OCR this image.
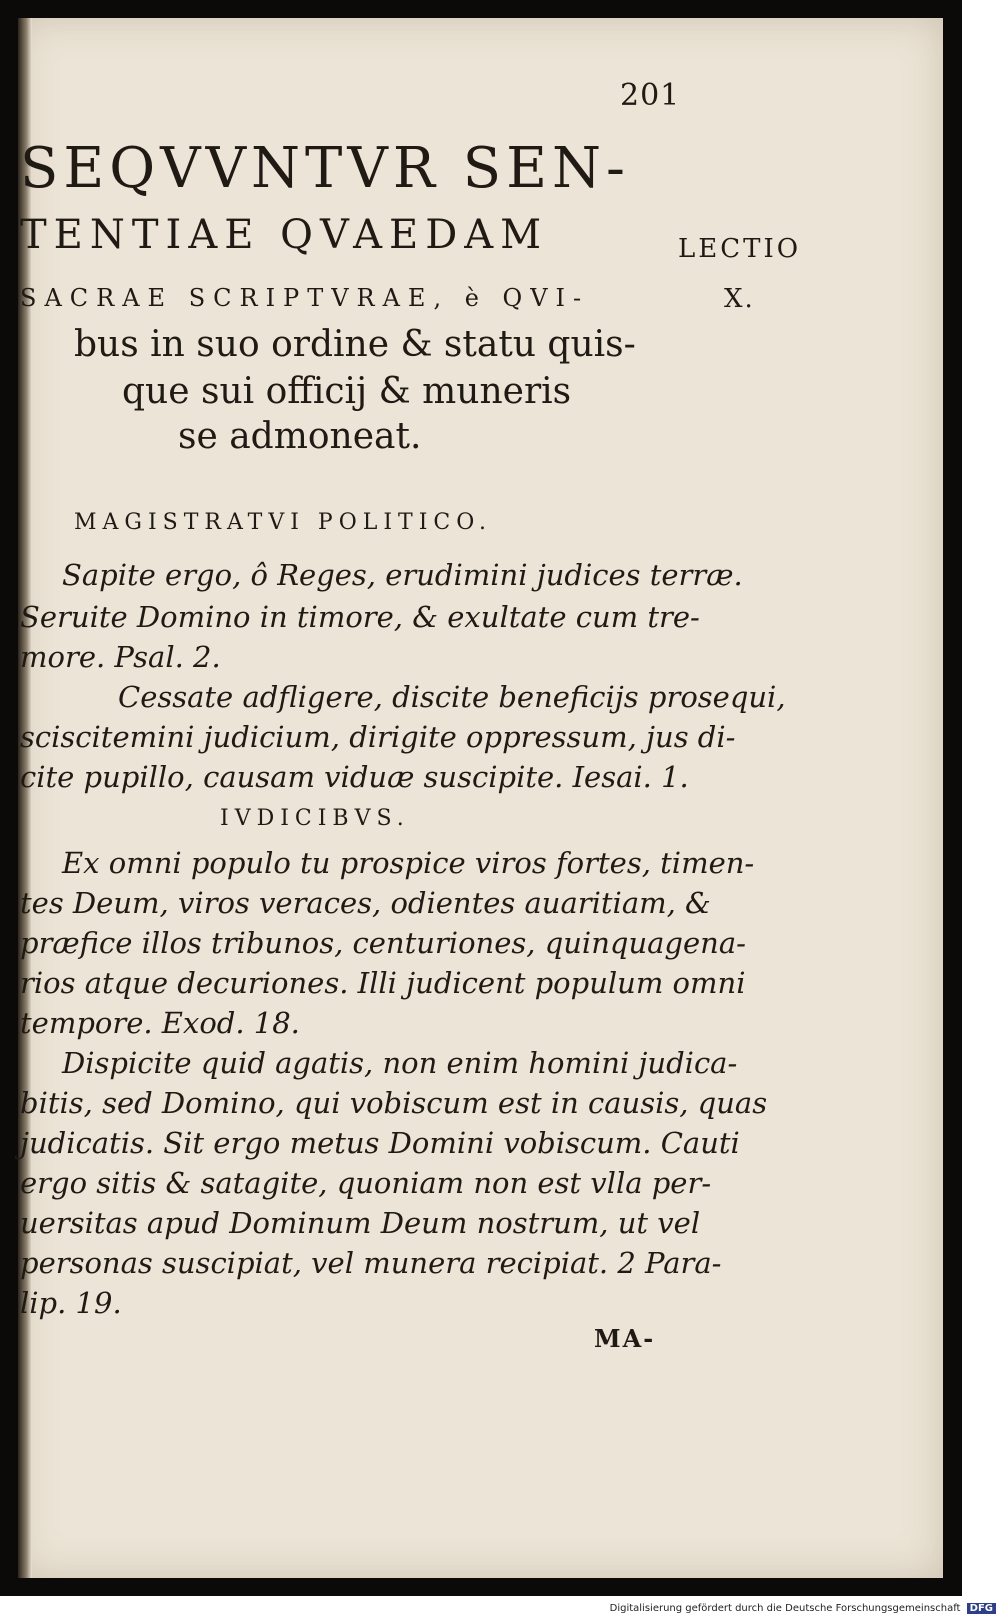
201
SEQVVNTVR SEN-
TENTIAE QVAEDAM
SACRAE SCRIPTVRAE, è QVI-
bus in suo ordine & statu quis-
que sui officij & muneris
se admoneat.
LECTIO
X.
MAGISTRATVI POLITICO.
Sapite ergo, ô Reges, erudimini judices terræ.
Seruite Domino in timore, & exultate cum tre-
more. Psal. 2.
Cessate adfligere, discite beneficijs prosequi,
sciscitemini judicium, dirigite oppressum, jus di-
cite pupillo, causam viduæ suscipite. Iesai. 1.
IVDICIBVS.
Ex omni populo tu prospice viros fortes, timen-
tes Deum, viros veraces, odientes auaritiam, &
præfice illos tribunos, centuriones, quinquagena-
rios atque decuriones. Illi judicent populum omni
tempore. Exod. 18.
Dispicite quid agatis, non enim homini judica-
bitis, sed Domino, qui vobiscum est in causis, quas
judicatis. Sit ergo metus Domini vobiscum. Cauti
ergo sitis & satagite, quoniam non est vlla per-
uersitas apud Dominum Deum nostrum, ut vel
personas suscipiat, vel munera recipiat. 2 Para-
lip. 19.
MA-
Digitalisierung gefördert durch die Deutsche Forschungsgemeinschaft DFG
